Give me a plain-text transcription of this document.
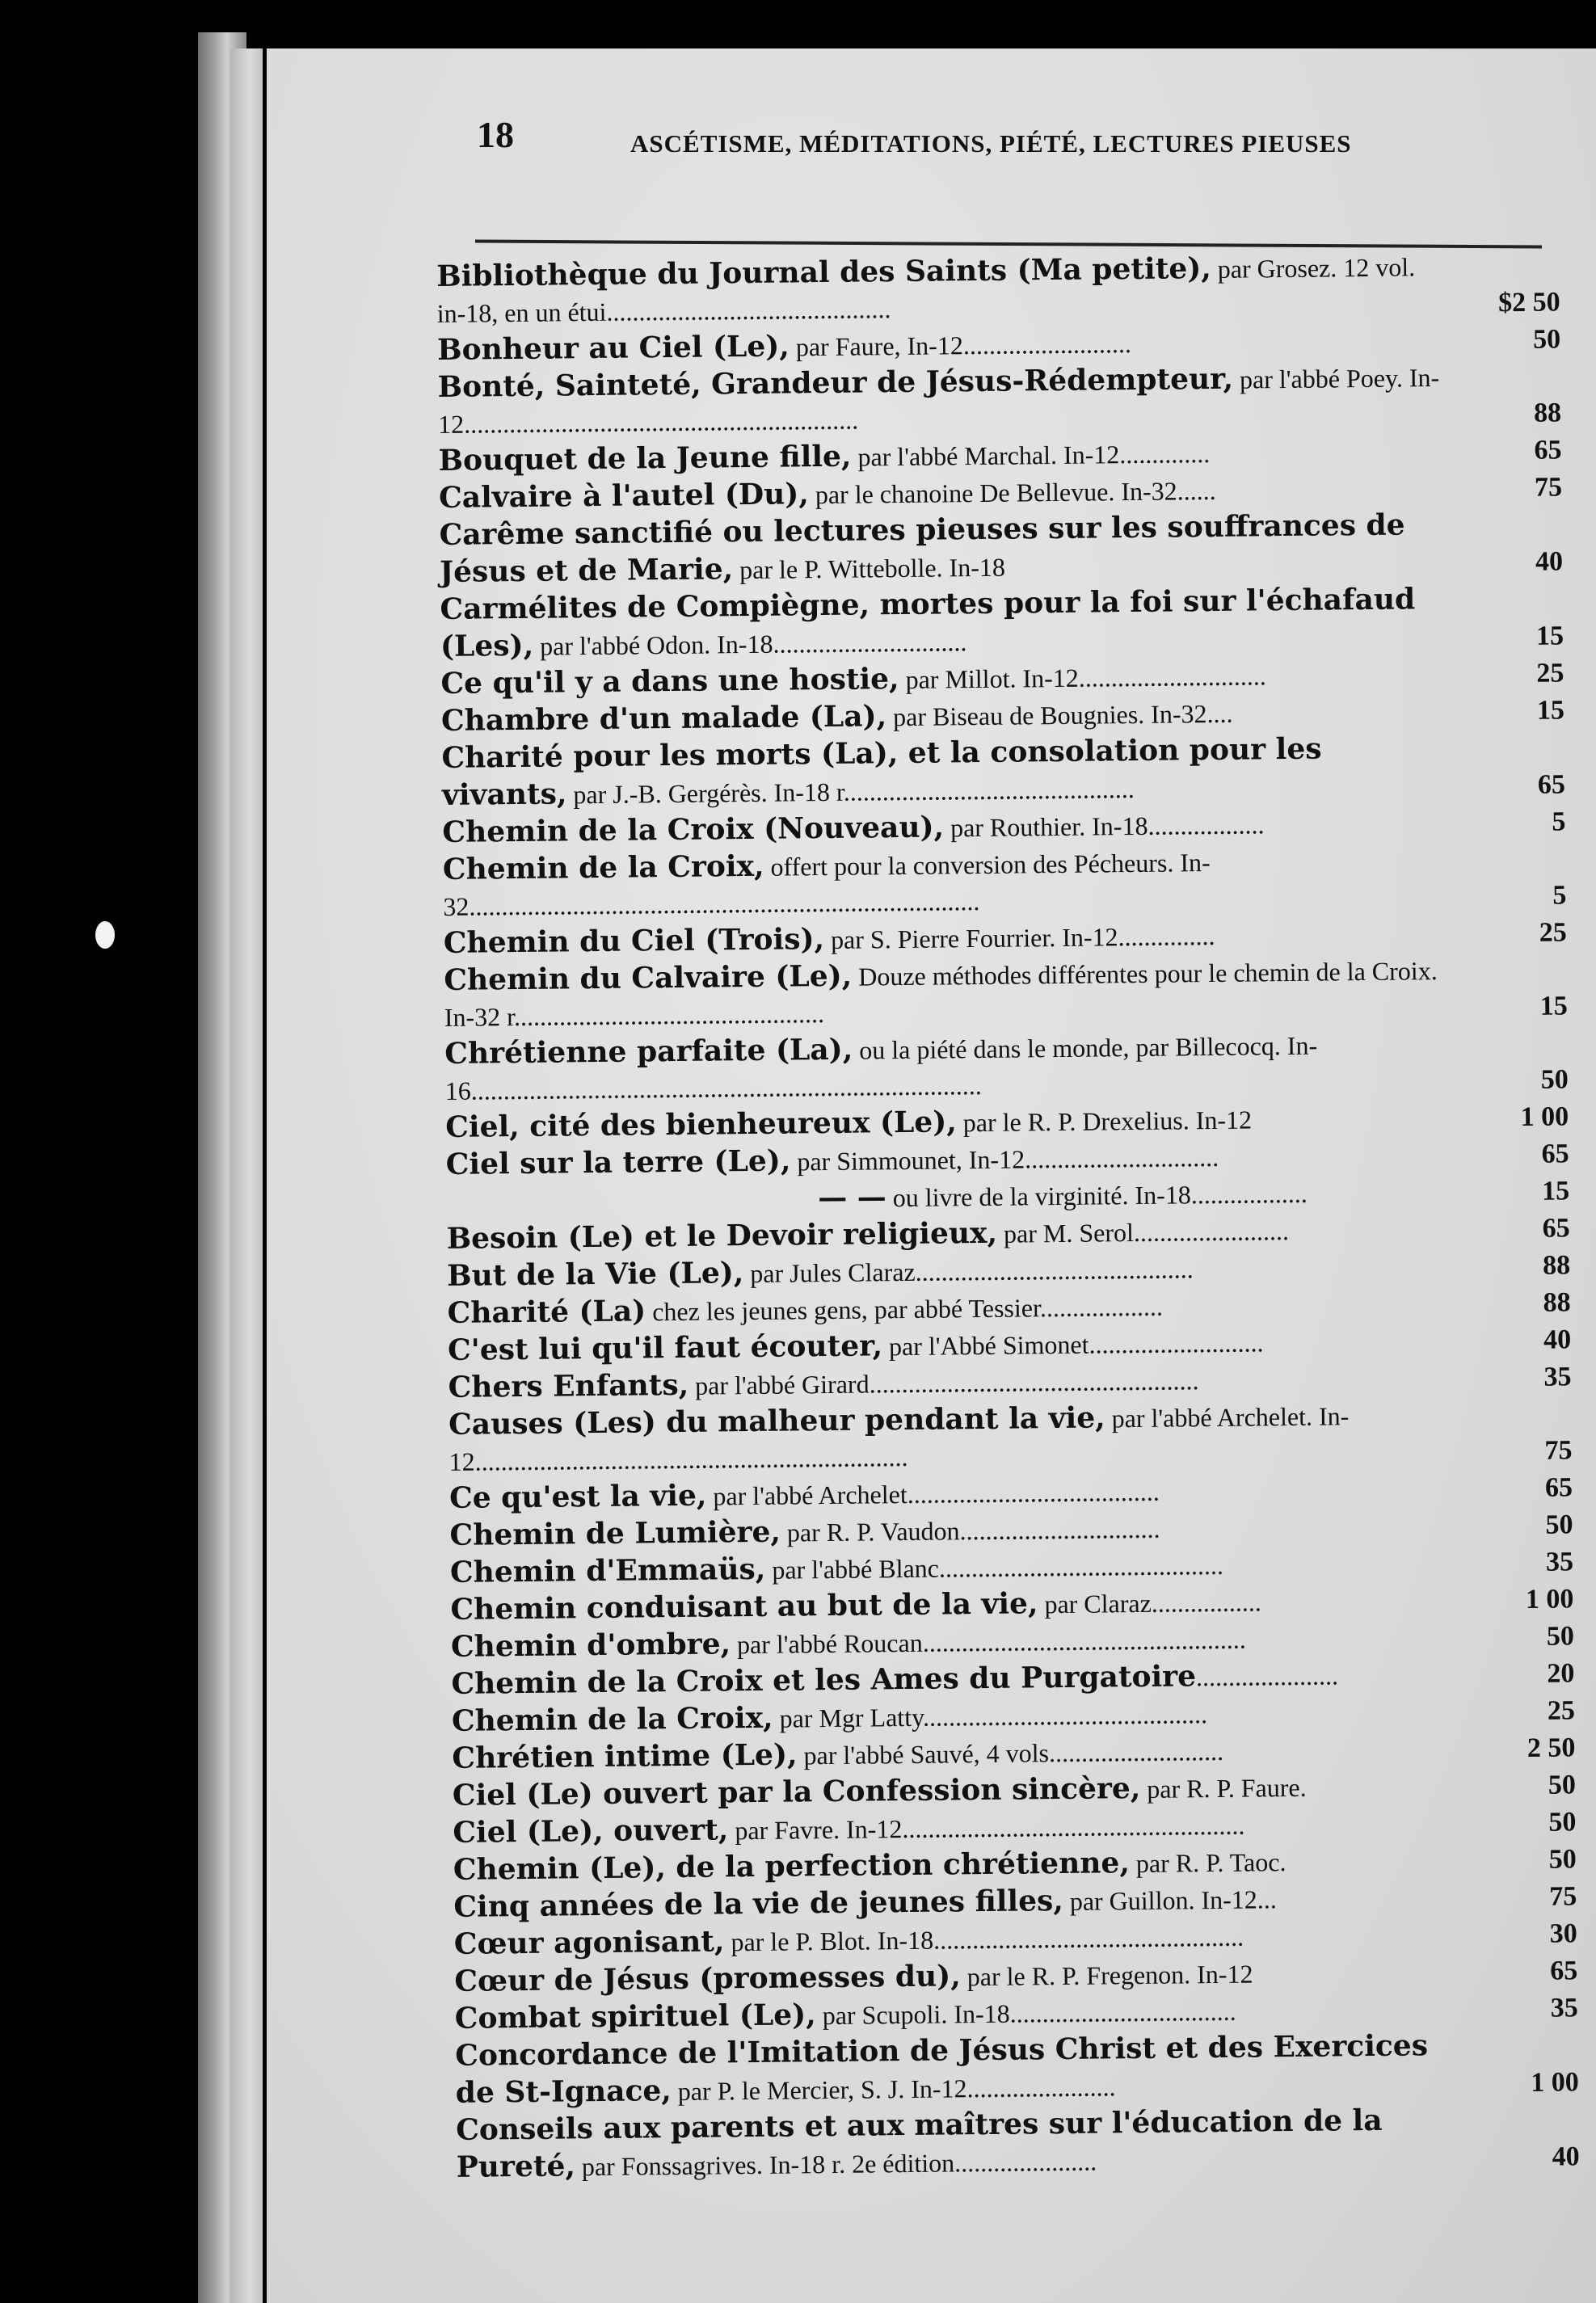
18	ASCÉTISME, MÉDITATIONS, PIÉTÉ, LECTURES PIEUSES
Bibliothèque du Journal des Saints (Ma petite), par Grosez. 12 vol. in-18, en un étui............................................	$2 50
Bonheur au Ciel (Le), par Faure, In-12..........................	50
Bonté, Sainteté, Grandeur de Jésus-Rédempteur, par l'abbé Poey. In-12.............................................................	88
Bouquet de la Jeune fille, par l'abbé Marchal. In-12..............	65
Calvaire à l'autel (Du), par le chanoine De Bellevue. In-32......	75
Carême sanctifié ou lectures pieuses sur les souffrances de Jésus et de Marie, par le P. Wittebolle. In-18	40
Carmélites de Compiègne, mortes pour la foi sur l'échafaud (Les), par l'abbé Odon. In-18..............................	15
Ce qu'il y a dans une hostie, par Millot. In-12.............................	25
Chambre d'un malade (La), par Biseau de Bougnies. In-32....	15
Charité pour les morts (La), et la consolation pour les vivants, par J.-B. Gergérès. In-18 r.............................................	65
Chemin de la Croix (Nouveau), par Routhier. In-18..................	5
Chemin de la Croix, offert pour la conversion des Pécheurs. In-32...............................................................................	5
Chemin du Ciel (Trois), par S. Pierre Fourrier. In-12...............	25
Chemin du Calvaire (Le), Douze méthodes différentes pour le chemin de la Croix. In-32 r................................................	15
Chrétienne parfaite (La), ou la piété dans le monde, par Billecocq. In-16...............................................................................	50
Ciel, cité des bienheureux (Le), par le R. P. Drexelius. In-12	1 00
Ciel sur la terre (Le), par Simmounet, In-12..............................	65
— — ou livre de la virginité. In-18..................	15
Besoin (Le) et le Devoir religieux, par M. Serol........................	65
But de la Vie (Le), par Jules Claraz...........................................	88
Charité (La) chez les jeunes gens, par abbé Tessier...................	88
C'est lui qu'il faut écouter, par l'Abbé Simonet...........................	40
Chers Enfants, par l'abbé Girard...................................................	35
Causes (Les) du malheur pendant la vie, par l'abbé Archelet. In-12...................................................................	75
Ce qu'est la vie, par l'abbé Archelet.......................................	65
Chemin de Lumière, par R. P. Vaudon...............................	50
Chemin d'Emmaüs, par l'abbé Blanc............................................	35
Chemin conduisant au but de la vie, par Claraz.................	1 00
Chemin d'ombre, par l'abbé Roucan..................................................	50
Chemin de la Croix et les Ames du Purgatoire......................	20
Chemin de la Croix, par Mgr Latty............................................	25
Chrétien intime (Le), par l'abbé Sauvé, 4 vols...........................	2 50
Ciel (Le) ouvert par la Confession sincère, par R. P. Faure.	50
Ciel (Le), ouvert, par Favre. In-12.....................................................	50
Chemin (Le), de la perfection chrétienne, par R. P. Taoc.	50
Cinq années de la vie de jeunes filles, par Guillon. In-12...	75
Cœur agonisant, par le P. Blot. In-18................................................	30
Cœur de Jésus (promesses du), par le R. P. Fregenon. In-12	65
Combat spirituel (Le), par Scupoli. In-18...................................	35
Concordance de l'Imitation de Jésus Christ et des Exercices de St-Ignace, par P. le Mercier, S. J. In-12.......................	1 00
Conseils aux parents et aux maîtres sur l'éducation de la Pureté, par Fonssagrives. In-18 r. 2e édition......................	40
